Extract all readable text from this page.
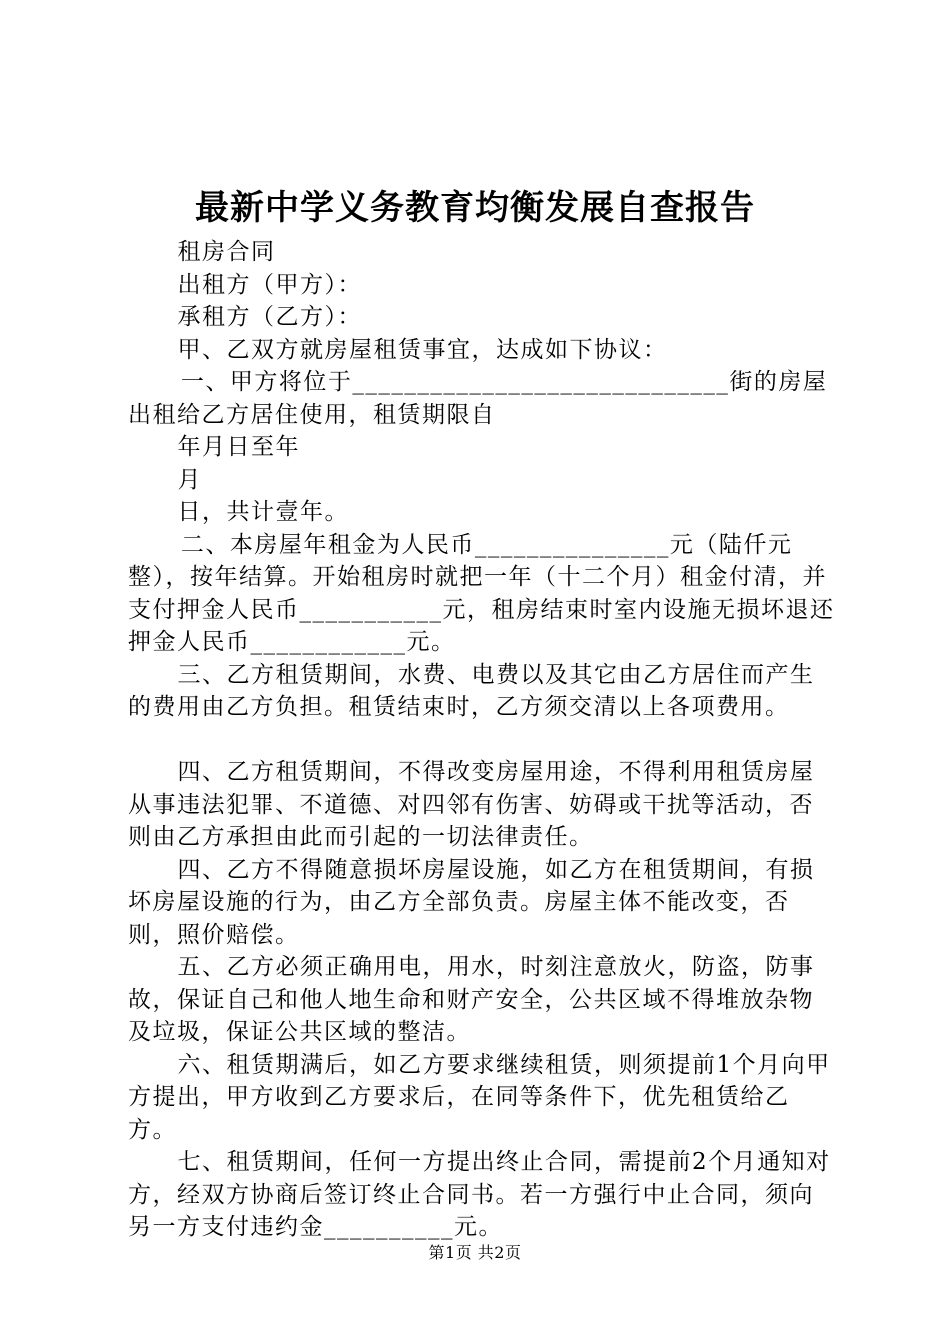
最新中学义务教育均衡发展自查报告

租房合同

出租方（甲方）：

承租方（乙方）：

甲、乙双方就房屋租赁事宜，达成如下协议：

一、甲方将位于_____________________________街的房屋出租给乙方居住使用，租赁期限自

年月日至年

月

日，共计壹年。

二、本房屋年租金为人民币_______________元（陆仟元整），按年结算。开始租房时就把一年（十二个月）租金付清，并支付押金人民币___________元，租房结束时室内设施无损坏退还押金人民币____________元。

三、乙方租赁期间，水费、电费以及其它由乙方居住而产生的费用由乙方负担。租赁结束时，乙方须交清以上各项费用。

四、乙方租赁期间，不得改变房屋用途，不得利用租赁房屋从事违法犯罪、不道德、对四邻有伤害、妨碍或干扰等活动，否则由乙方承担由此而引起的一切法律责任。

四、乙方不得随意损坏房屋设施，如乙方在租赁期间，有损坏房屋设施的行为，由乙方全部负责。房屋主体不能改变，否则，照价赔偿。

五、乙方必须正确用电，用水，时刻注意放火，防盗，防事故，保证自己和他人地生命和财产安全，公共区域不得堆放杂物及垃圾，保证公共区域的整洁。

六、租赁期满后，如乙方要求继续租赁，则须提前1个月向甲方提出，甲方收到乙方要求后，在同等条件下，优先租赁给乙方。

七、租赁期间，任何一方提出终止合同，需提前2个月通知对方，经双方协商后签订终止合同书。若一方强行中止合同，须向另一方支付违约金__________元。

第1页 共2页
